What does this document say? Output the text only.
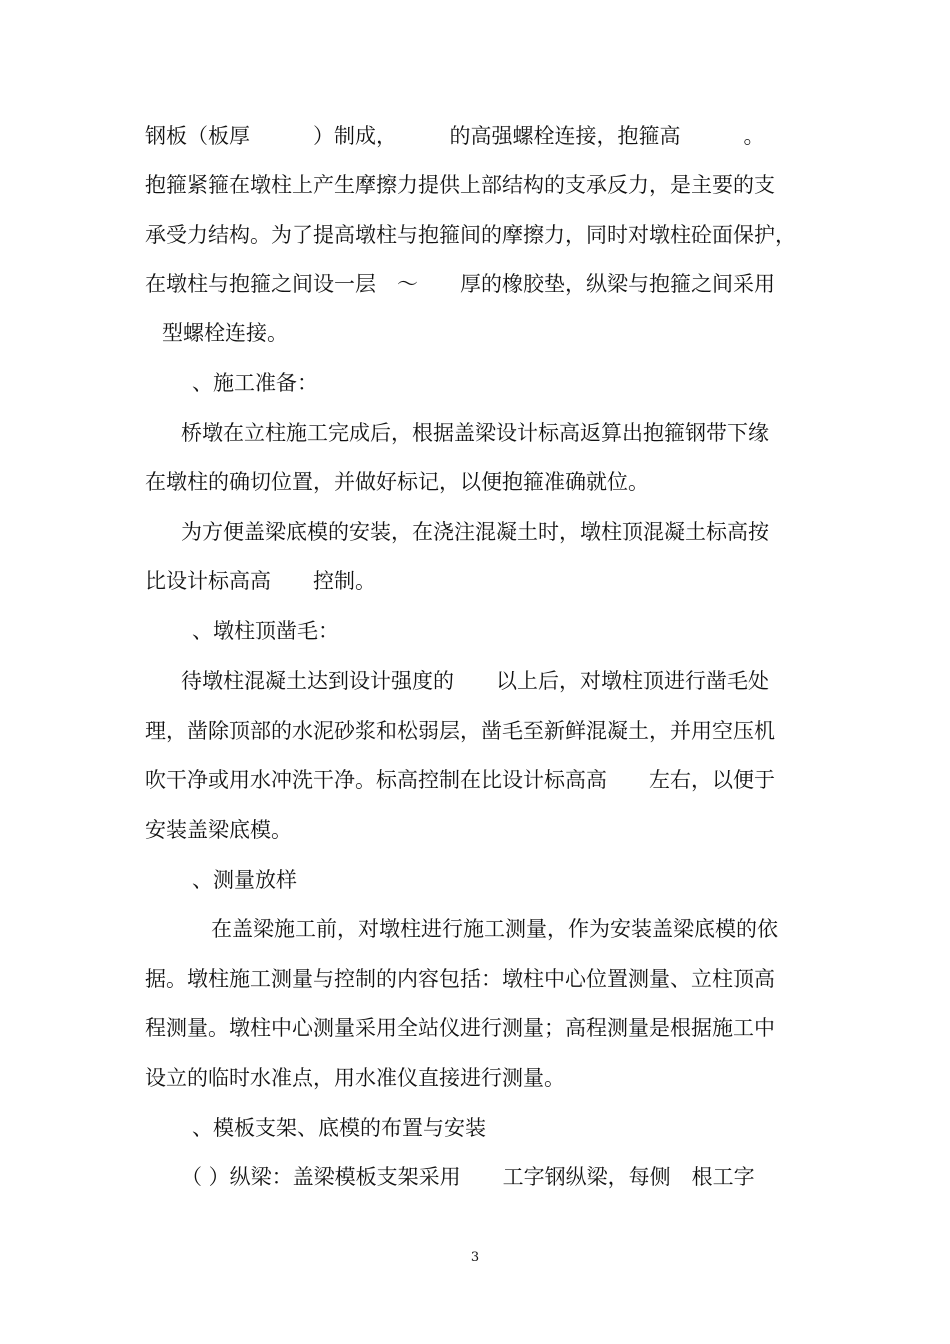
钢板（板厚　　　）制成，　　　的高强螺栓连接，抱箍高　　　。
抱箍紧箍在墩柱上产生摩擦力提供上部结构的支承反力，是主要的支
承受力结构。为了提高墩柱与抱箍间的摩擦力，同时对墩柱砼面保护，
在墩柱与抱箍之间设一层　～　　厚的橡胶垫，纵梁与抱箍之间采用
型螺栓连接。
、施工准备：
桥墩在立柱施工完成后，根据盖梁设计标高返算出抱箍钢带下缘
在墩柱的确切位置，并做好标记，以便抱箍准确就位。
为方便盖梁底模的安装，在浇注混凝土时，墩柱顶混凝土标高按
比设计标高高　　控制。
、墩柱顶凿毛：
待墩柱混凝土达到设计强度的　　以上后，对墩柱顶进行凿毛处
理，凿除顶部的水泥砂浆和松弱层，凿毛至新鲜混凝土，并用空压机
吹干净或用水冲洗干净。标高控制在比设计标高高　　左右，以便于
安装盖梁底模。
、测量放样
在盖梁施工前，对墩柱进行施工测量，作为安装盖梁底模的依
据。墩柱施工测量与控制的内容包括：墩柱中心位置测量、立柱顶高
程测量。墩柱中心测量采用全站仪进行测量；高程测量是根据施工中
设立的临时水准点，用水准仪直接进行测量。
、模板支架、底模的布置与安装
（ ）纵梁：盖梁模板支架采用　　工字钢纵梁，每侧　根工字
3
